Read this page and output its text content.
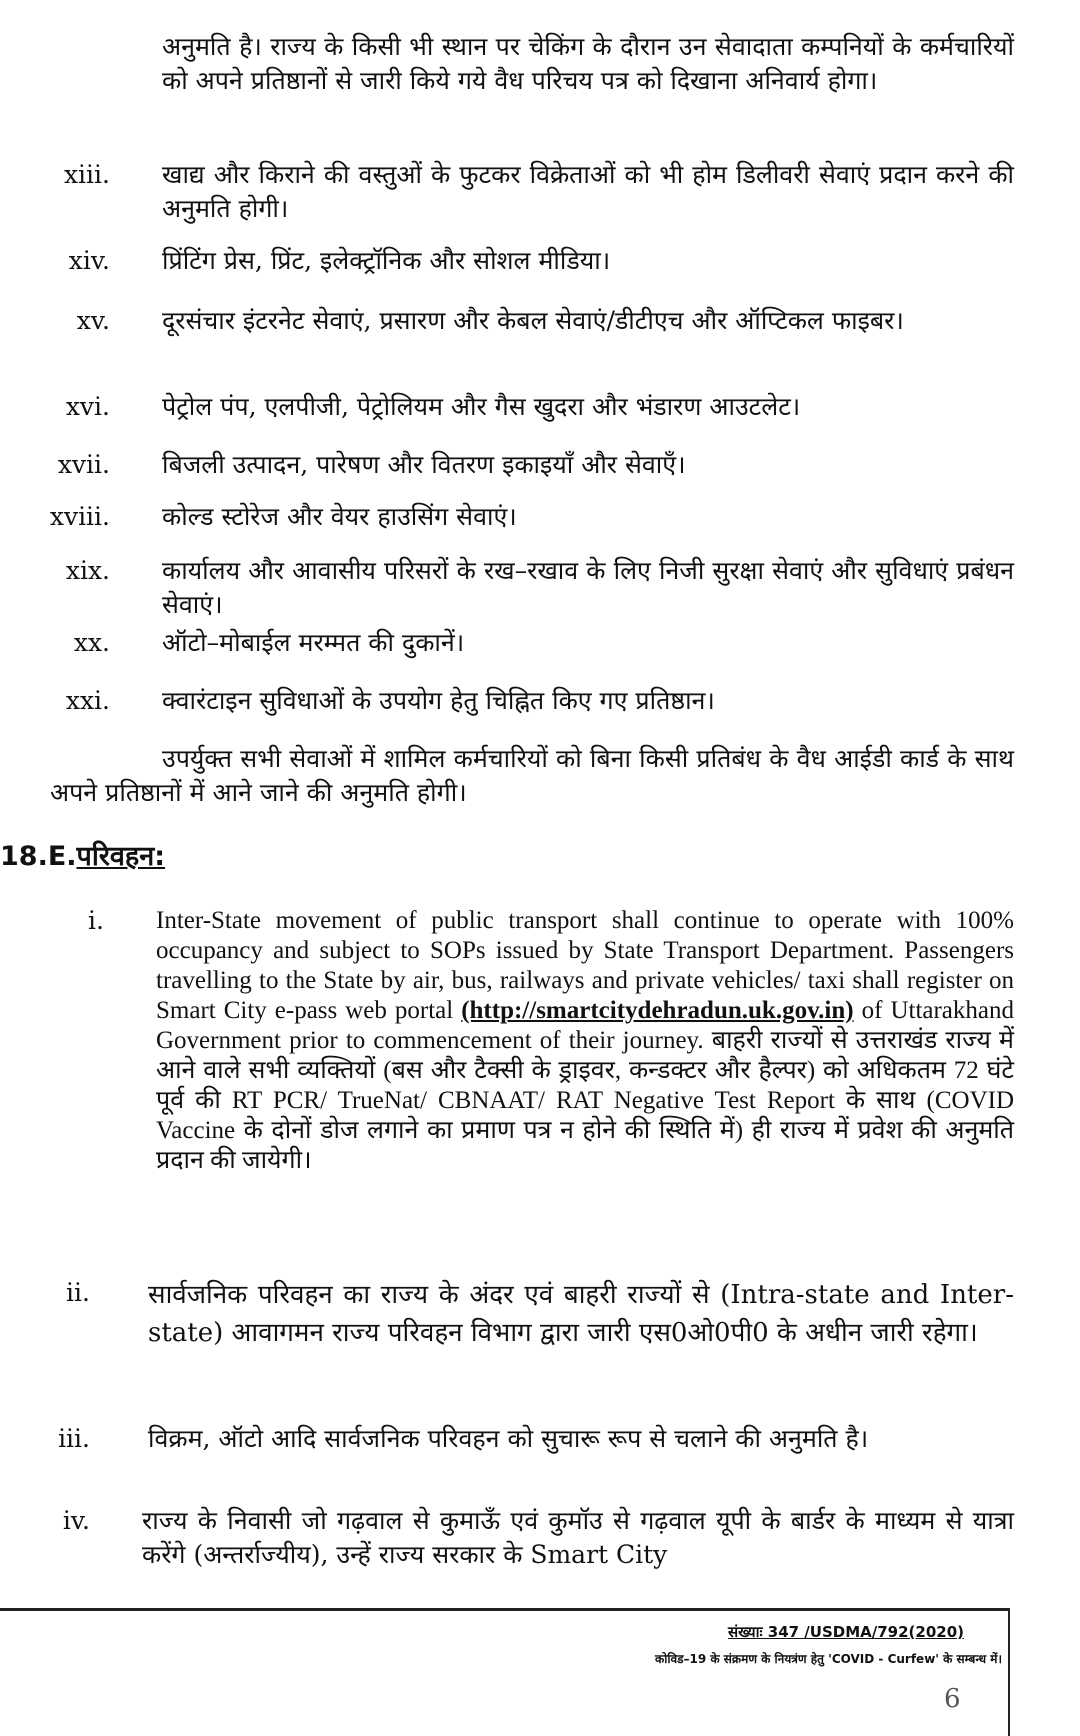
अनुमति है। राज्य के किसी भी स्थान पर चेकिंग के दौरान उन सेवादाता कम्पनियों के कर्मचारियों को अपने प्रतिष्ठानों से जारी किये गये वैध परिचय पत्र को दिखाना अनिवार्य होगा।
xiii. खाद्य और किराने की वस्तुओं के फुटकर विक्रेताओं को भी होम डिलीवरी सेवाएं प्रदान करने की अनुमति होगी।
xiv. प्रिंटिंग प्रेस, प्रिंट, इलेक्ट्रॉनिक और सोशल मीडिया।
xv. दूरसंचार इंटरनेट सेवाएं, प्रसारण और केबल सेवाएं/डीटीएच और ऑप्टिकल फाइबर।
xvi. पेट्रोल पंप, एलपीजी, पेट्रोलियम और गैस खुदरा और भंडारण आउटलेट।
xvii. बिजली उत्पादन, पारेषण और वितरण इकाइयाँ और सेवाएँ।
xviii. कोल्ड स्टोरेज और वेयर हाउसिंग सेवाएं।
xix. कार्यालय और आवासीय परिसरों के रख–रखाव के लिए निजी सुरक्षा सेवाएं और सुविधाएं प्रबंधन सेवाएं।
xx. ऑटो–मोबाईल मरम्मत की दुकानें।
xxi. क्वारंटाइन सुविधाओं के उपयोग हेतु चिह्नित किए गए प्रतिष्ठान।
उपर्युक्त सभी सेवाओं में शामिल कर्मचारियों को बिना किसी प्रतिबंध के वैध आईडी कार्ड के साथ अपने प्रतिष्ठानों में आने जाने की अनुमति होगी।
18.E.परिवहन:
i. Inter-State movement of public transport shall continue to operate with 100% occupancy and subject to SOPs issued by State Transport Department. Passengers travelling to the State by air, bus, railways and private vehicles/ taxi shall register on Smart City e-pass web portal (http://smartcitydehradun.uk.gov.in) of Uttarakhand Government prior to commencement of their journey. बाहरी राज्यों से उत्तराखंड राज्य में आने वाले सभी व्यक्तियों (बस और टैक्सी के ड्राइवर, कन्डक्टर और हैल्पर) को अधिकतम 72 घंटे पूर्व की RT PCR/ TrueNat/ CBNAAT/ RAT Negative Test Report के साथ (COVID Vaccine के दोनों डोज लगाने का प्रमाण पत्र न होने की स्थिति में) ही राज्य में प्रवेश की अनुमति प्रदान की जायेगी।
ii. सार्वजनिक परिवहन का राज्य के अंदर एवं बाहरी राज्यों से (Intra-state and Inter-state) आवागमन राज्य परिवहन विभाग द्वारा जारी एस0ओ0पी0 के अधीन जारी रहेगा।
iii. विक्रम, ऑटो आदि सार्वजनिक परिवहन को सुचारू रूप से चलाने की अनुमति है।
iv. राज्य के निवासी जो गढ़वाल से कुमाऊँ एवं कुमॉउ से गढ़वाल यूपी के बार्डर के माध्यम से यात्रा करेंगे (अन्तर्राज्यीय), उन्हें राज्य सरकार के Smart City
संख्याः 347 /USDMA/792(2020)
कोविड–19 के संक्रमण के नियत्रंण हेतु 'COVID - Curfew' के सम्बन्ध में।
6
